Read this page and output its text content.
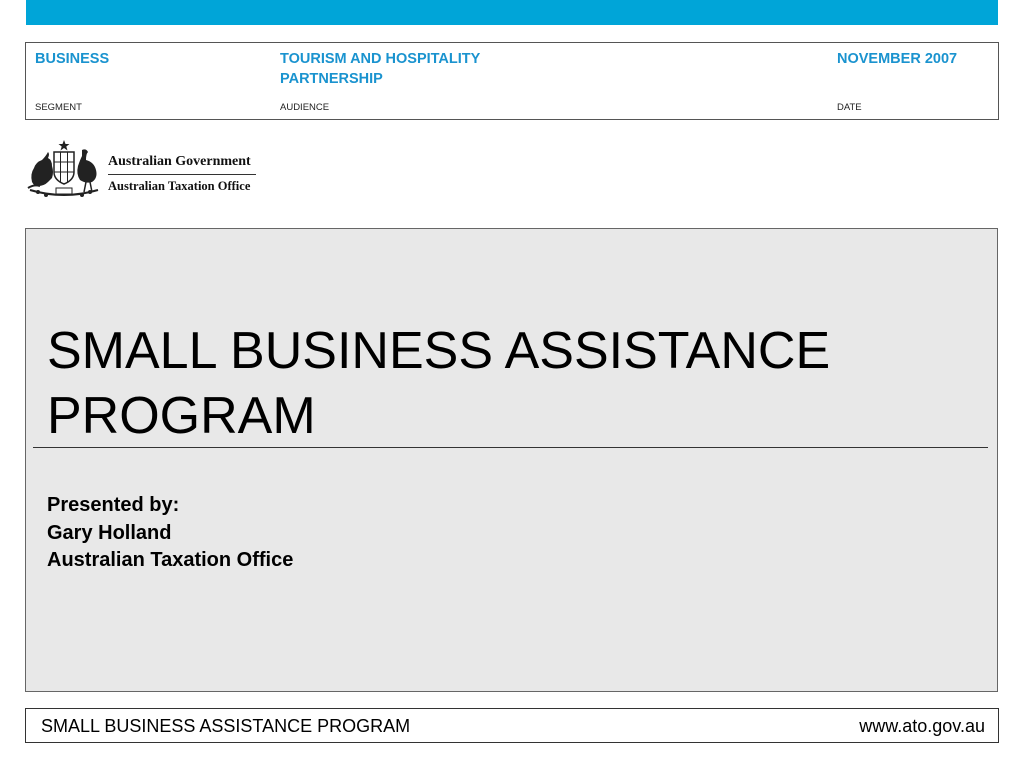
BUSINESS
SEGMENT
TOURISM AND HOSPITALITY
PARTNERSHIP
AUDIENCE
NOVEMBER 2007
DATE
Australian Government
Australian Taxation Office
SMALL BUSINESS ASSISTANCE
PROGRAM
Presented by:
Gary Holland
Australian Taxation Office
SMALL BUSINESS ASSISTANCE PROGRAM	www.ato.gov.au
